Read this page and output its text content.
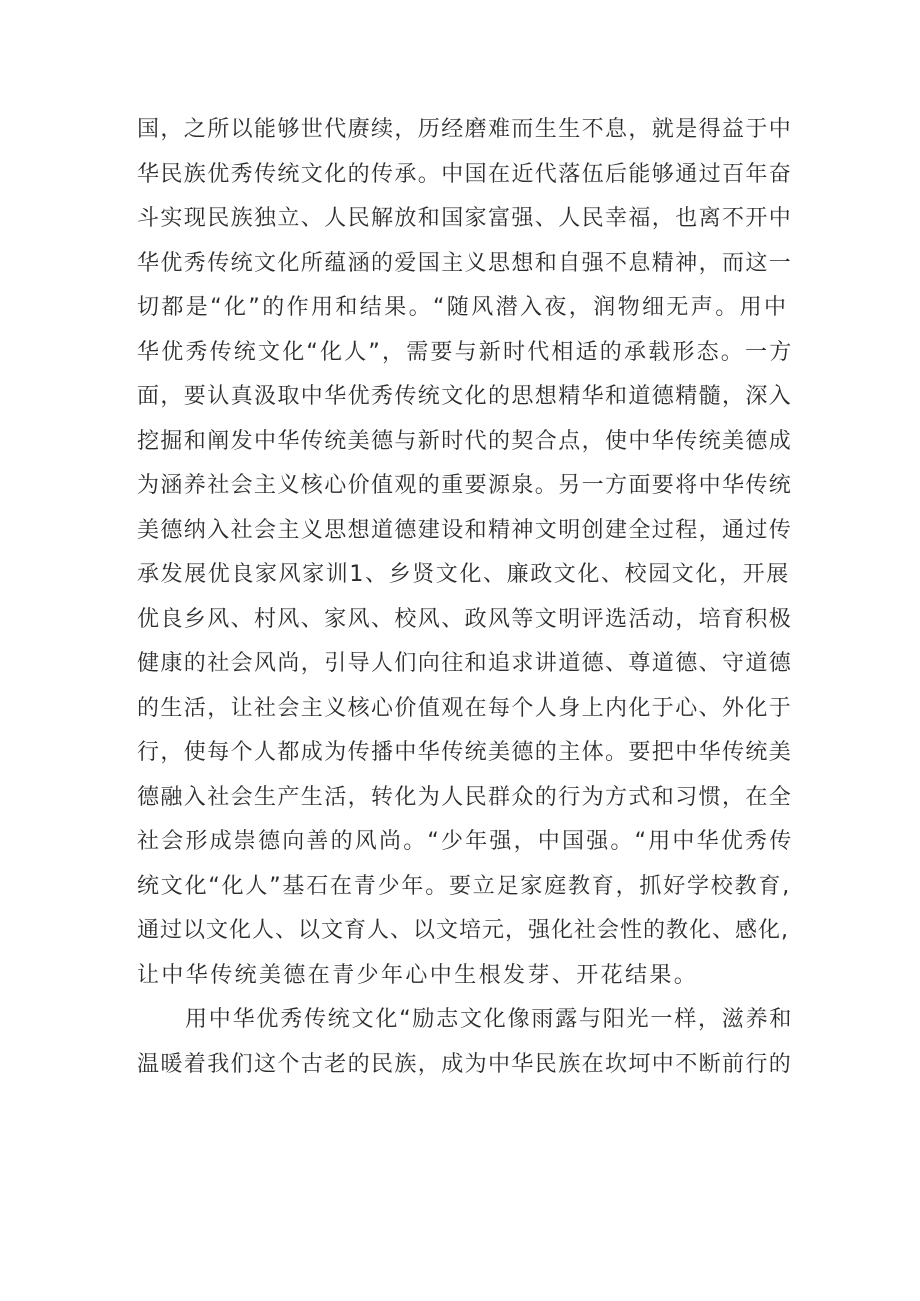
国，之所以能够世代赓续，历经磨难而生生不息，就是得益于中
华民族优秀传统文化的传承。中国在近代落伍后能够通过百年奋
斗实现民族独立、人民解放和国家富强、人民幸福，也离不开中
华优秀传统文化所蕴涵的爱国主义思想和自强不息精神，而这一
切都是“化”的作用和结果。“随风潜入夜，润物细无声。用中
华优秀传统文化“化人”，需要与新时代相适的承载形态。一方
面，要认真汲取中华优秀传统文化的思想精华和道德精髓，深入
挖掘和阐发中华传统美德与新时代的契合点，使中华传统美德成
为涵养社会主义核心价值观的重要源泉。另一方面要将中华传统
美德纳入社会主义思想道德建设和精神文明创建全过程，通过传
承发展优良家风家训1、乡贤文化、廉政文化、校园文化，开展
优良乡风、村风、家风、校风、政风等文明评选活动，培育积极
健康的社会风尚，引导人们向往和追求讲道德、尊道德、守道德
的生活，让社会主义核心价值观在每个人身上内化于心、外化于
行，使每个人都成为传播中华传统美德的主体。要把中华传统美
德融入社会生产生活，转化为人民群众的行为方式和习惯，在全
社会形成崇德向善的风尚。“少年强，中国强。“用中华优秀传
统文化“化人”基石在青少年。要立足家庭教育，抓好学校教育,
通过以文化人、以文育人、以文培元，强化社会性的教化、感化,
让中华传统美德在青少年心中生根发芽、开花结果。
用中华优秀传统文化“励志文化像雨露与阳光一样，滋养和
温暖着我们这个古老的民族，成为中华民族在坎坷中不断前行的
